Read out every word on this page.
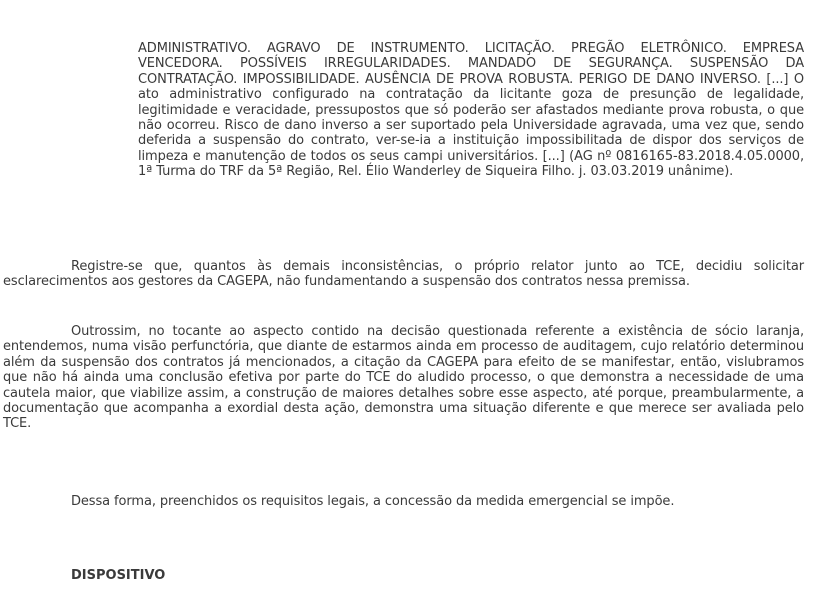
ADMINISTRATIVO. AGRAVO DE INSTRUMENTO. LICITAÇÃO. PREGÃO ELETRÔNICO. EMPRESA VENCEDORA. POSSÍVEIS IRREGULARIDADES. MANDADO DE SEGURANÇA. SUSPENSÃO DA CONTRATAÇÃO. IMPOSSIBILIDADE. AUSÊNCIA DE PROVA ROBUSTA. PERIGO DE DANO INVERSO. [...] O ato administrativo configurado na contratação da licitante goza de presunção de legalidade, legitimidade e veracidade, pressupostos que só poderão ser afastados mediante prova robusta, o que não ocorreu. Risco de dano inverso a ser suportado pela Universidade agravada, uma vez que, sendo deferida a suspensão do contrato, ver-se-ia a instituição impossibilitada de dispor dos serviços de limpeza e manutenção de todos os seus campi universitários. [...] (AG nº 0816165-83.2018.4.05.0000, 1ª Turma do TRF da 5ª Região, Rel. Élio Wanderley de Siqueira Filho. j. 03.03.2019 unânime).
Registre-se que, quantos às demais inconsistências, o próprio relator junto ao TCE, decidiu solicitar esclarecimentos aos gestores da CAGEPA, não fundamentando a suspensão dos contratos nessa premissa.
Outrossim, no tocante ao aspecto contido na decisão questionada referente a existência de sócio laranja, entendemos, numa visão perfunctória, que diante de estarmos ainda em processo de auditagem, cujo relatório determinou além da suspensão dos contratos já mencionados, a citação da CAGEPA para efeito de se manifestar, então, vislubramos que não há ainda uma conclusão efetiva por parte do TCE do aludido processo, o que demonstra a necessidade de uma cautela maior, que viabilize assim, a construção de maiores detalhes sobre esse aspecto, até porque, preambularmente, a documentação que acompanha a exordial desta ação, demonstra uma situação diferente e que merece ser avaliada pelo TCE.
Dessa forma, preenchidos os requisitos legais, a concessão da medida emergencial se impõe.
DISPOSITIVO
